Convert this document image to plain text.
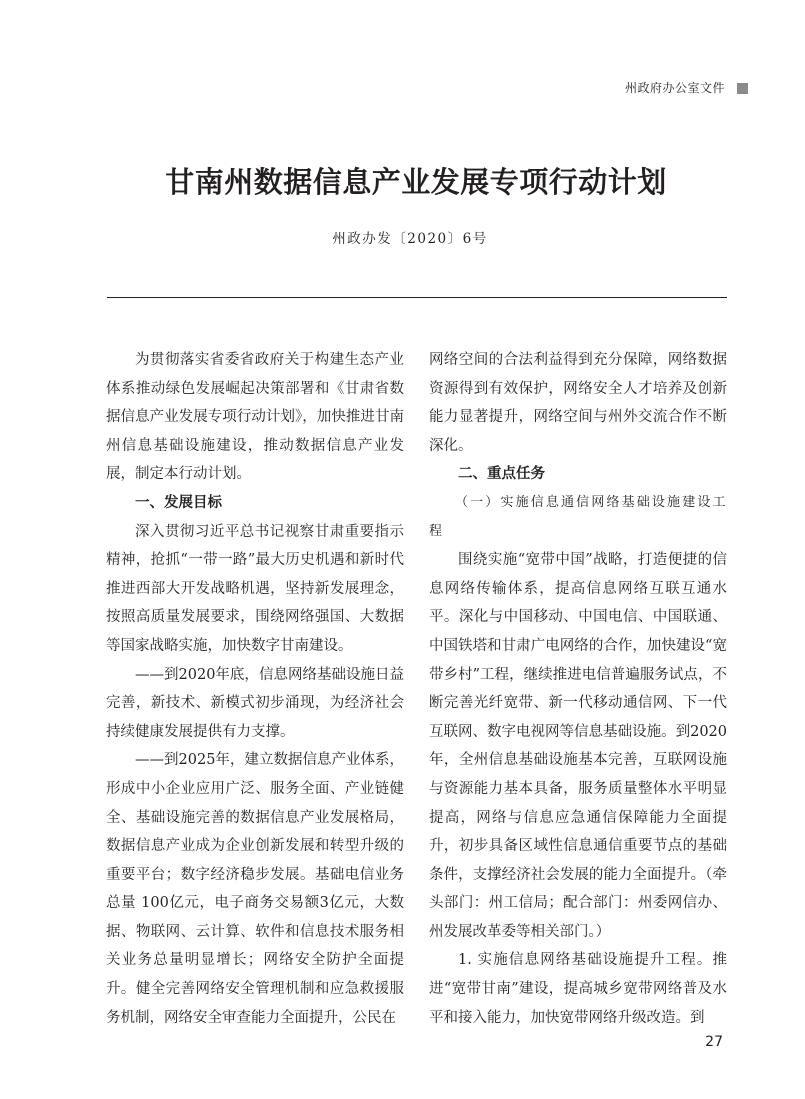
州政府办公室文件
甘南州数据信息产业发展专项行动计划
州政办发〔2020〕6号

为贯彻落实省委省政府关于构建生态产业体系推动绿色发展崛起决策部署和《甘肃省数据信息产业发展专项行动计划》，加快推进甘南州信息基础设施建设，推动数据信息产业发展，制定本行动计划。

一、发展目标

深入贯彻习近平总书记视察甘肃重要指示精神，抢抓“一带一路”最大历史机遇和新时代推进西部大开发战略机遇，坚持新发展理念，按照高质量发展要求，围绕网络强国、大数据等国家战略实施，加快数字甘南建设。

——到2020年底，信息网络基础设施日益完善，新技术、新模式初步涌现，为经济社会持续健康发展提供有力支撑。

——到2025年，建立数据信息产业体系，形成中小企业应用广泛、服务全面、产业链健全、基础设施完善的数据信息产业发展格局，数据信息产业成为企业创新发展和转型升级的重要平台；数字经济稳步发展。基础电信业务总量 100亿元，电子商务交易额3亿元，大数据、物联网、云计算、软件和信息技术服务相关业务总量明显增长；网络安全防护全面提升。健全完善网络安全管理机制和应急救援服务机制，网络安全审查能力全面提升，公民在

网络空间的合法利益得到充分保障，网络数据资源得到有效保护，网络安全人才培养及创新能力显著提升，网络空间与州外交流合作不断深化。

二、重点任务

（一）实施信息通信网络基础设施建设工程

围绕实施“宽带中国”战略，打造便捷的信息网络传输体系，提高信息网络互联互通水平。深化与中国移动、中国电信、中国联通、中国铁塔和甘肃广电网络的合作，加快建设“宽带乡村”工程，继续推进电信普遍服务试点，不断完善光纤宽带、新一代移动通信网、下一代互联网、数字电视网等信息基础设施。到2020年，全州信息基础设施基本完善，互联网设施与资源能力基本具备，服务质量整体水平明显提高，网络与信息应急通信保障能力全面提升，初步具备区域性信息通信重要节点的基础条件，支撑经济社会发展的能力全面提升。（牵头部门：州工信局；配合部门：州委网信办、州发展改革委等相关部门。）

1. 实施信息网络基础设施提升工程。推进“宽带甘南”建设，提高城乡宽带网络普及水平和接入能力，加快宽带网络升级改造。到

27
